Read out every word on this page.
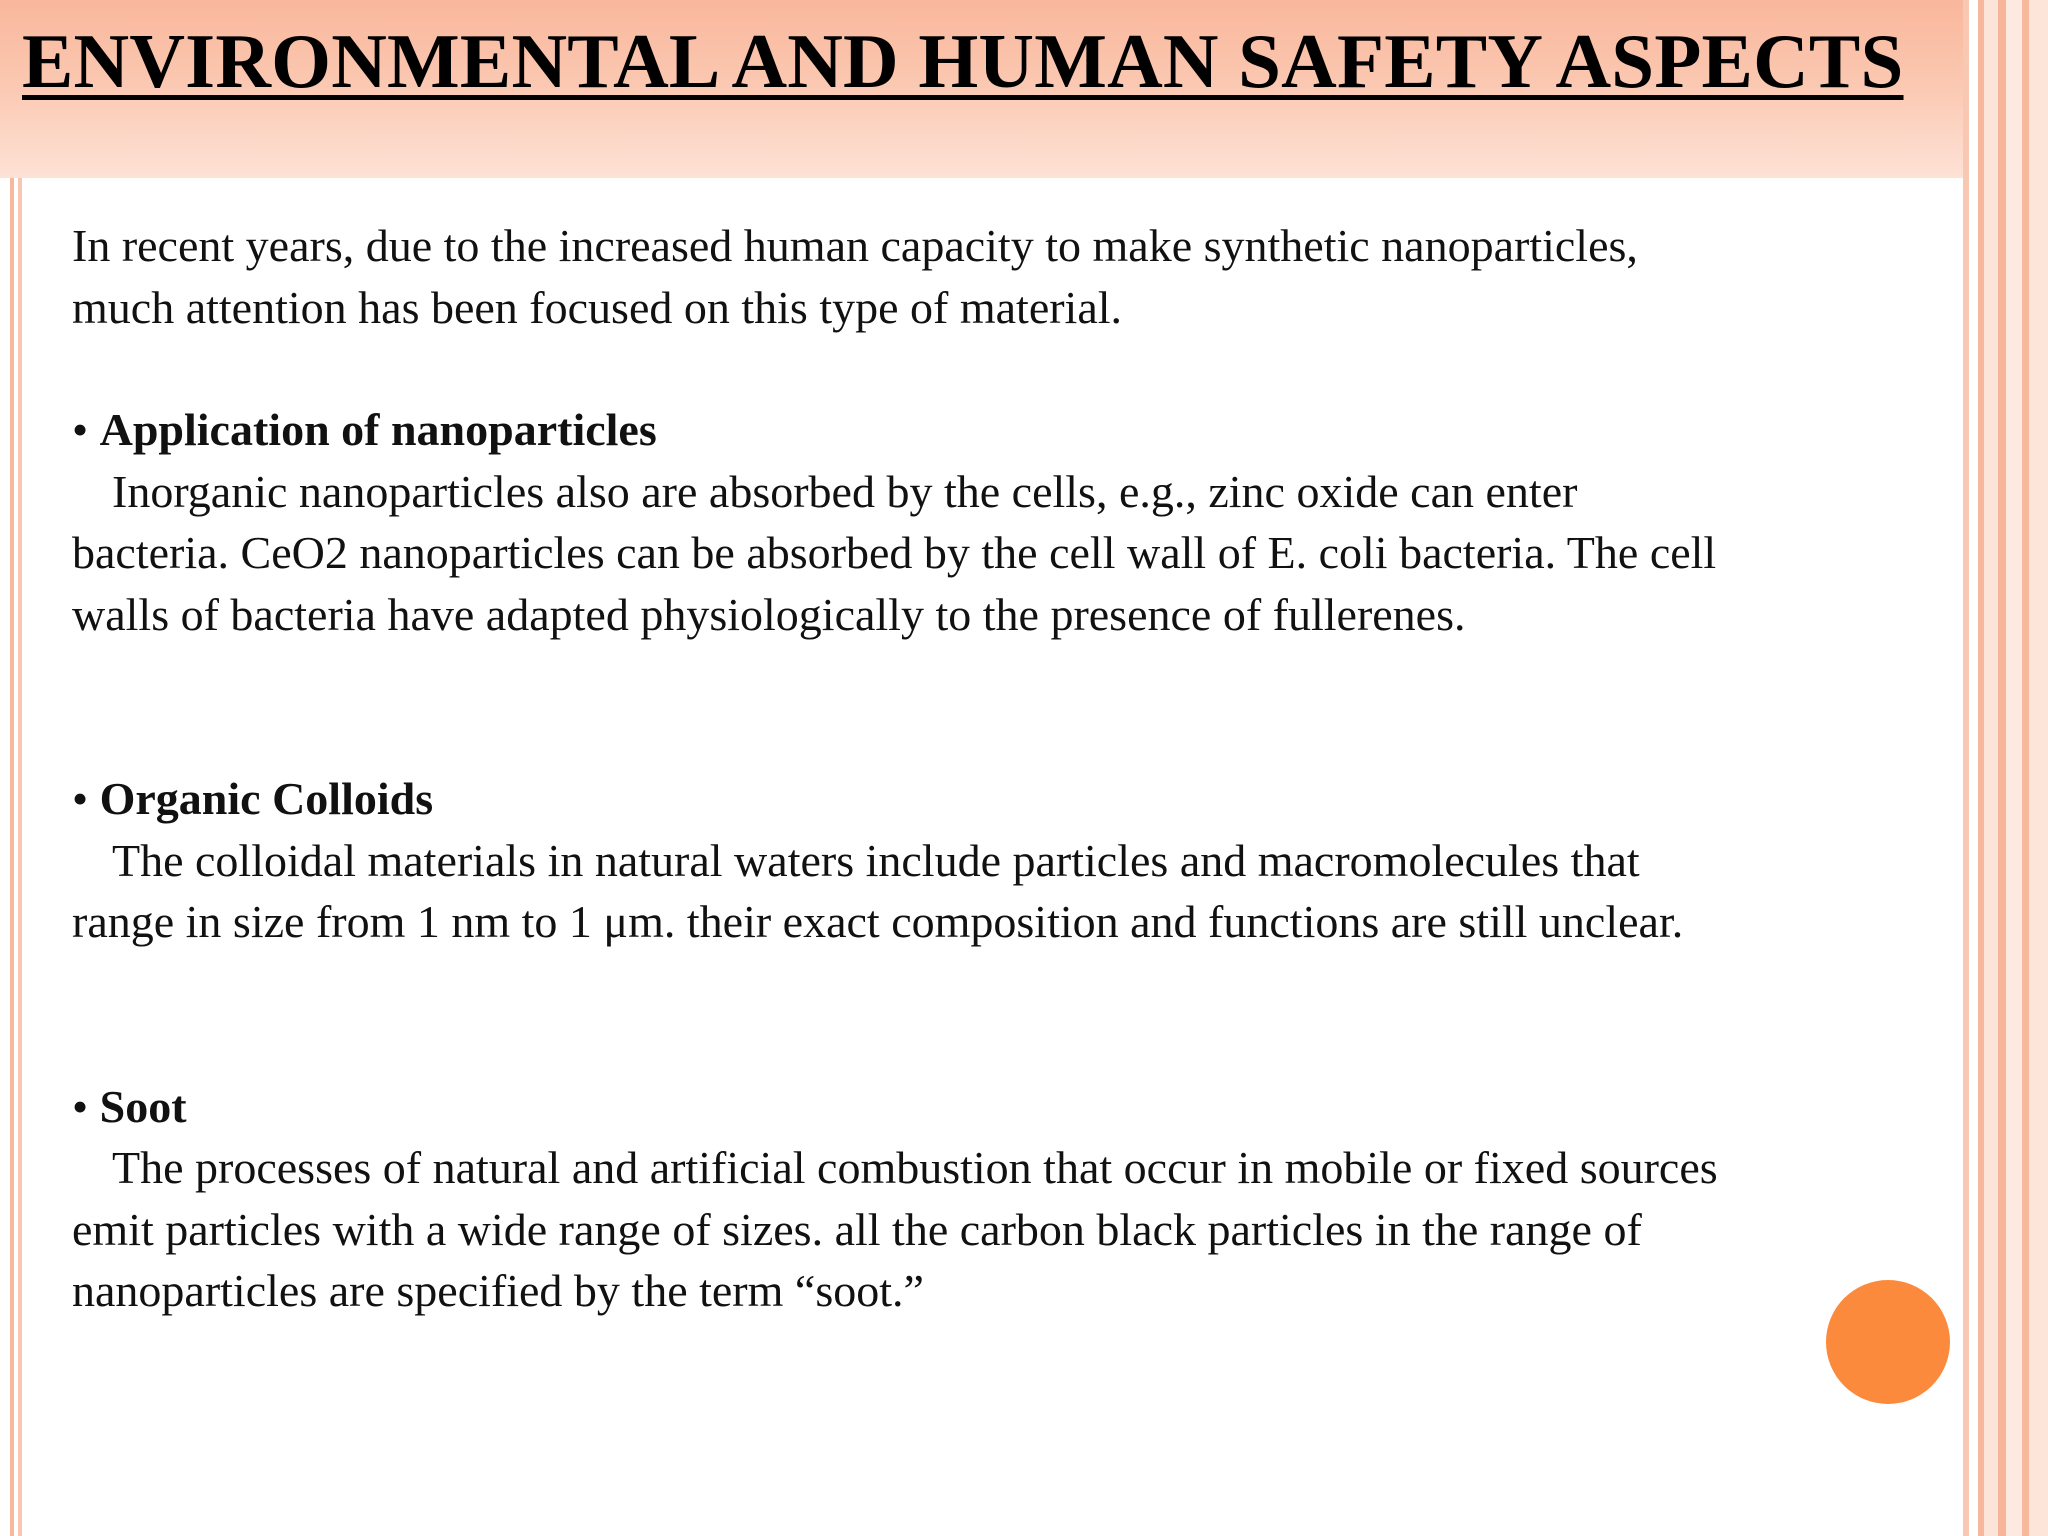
ENVIRONMENTAL AND HUMAN SAFETY ASPECTS

In recent years, due to the increased human capacity to make synthetic nanoparticles,

much attention has been focused on this type of material.

• Application of nanoparticles

Inorganic nanoparticles also are absorbed by the cells, e.g., zinc oxide can enter

bacteria. CeO2 nanoparticles can be absorbed by the cell wall of E. coli bacteria. The cell

walls of bacteria have adapted physiologically to the presence of fullerenes.

• Organic Colloids

The colloidal materials in natural waters include particles and macromolecules that

range in size from 1 nm to 1 μm. their exact composition and functions are still unclear.

• Soot

The processes of natural and artificial combustion that occur in mobile or fixed sources

emit particles with a wide range of sizes. all the carbon black particles in the range of

nanoparticles are specified by the term “soot.”
